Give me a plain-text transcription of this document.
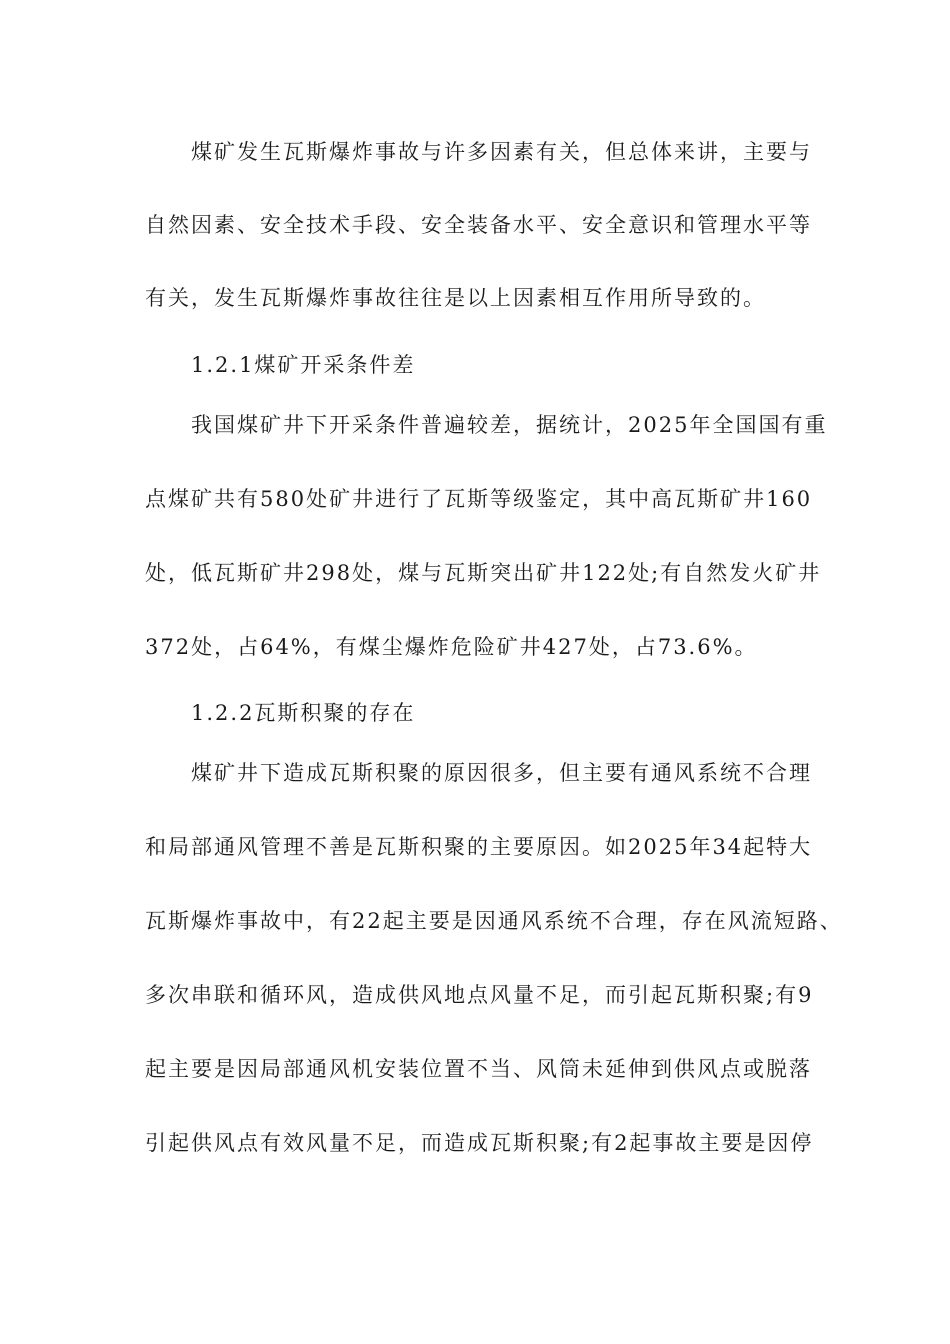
煤矿发生瓦斯爆炸事故与许多因素有关，但总体来讲，主要与
自然因素、安全技术手段、安全装备水平、安全意识和管理水平等
有关，发生瓦斯爆炸事故往往是以上因素相互作用所导致的。
1.2.1煤矿开采条件差
我国煤矿井下开采条件普遍较差，据统计，2025年全国国有重
点煤矿共有580处矿井进行了瓦斯等级鉴定，其中高瓦斯矿井160
处，低瓦斯矿井298处，煤与瓦斯突出矿井122处;有自然发火矿井
372处，占64%，有煤尘爆炸危险矿井427处，占73.6%。
1.2.2瓦斯积聚的存在
煤矿井下造成瓦斯积聚的原因很多，但主要有通风系统不合理
和局部通风管理不善是瓦斯积聚的主要原因。如2025年34起特大
瓦斯爆炸事故中，有22起主要是因通风系统不合理，存在风流短路、
多次串联和循环风，造成供风地点风量不足，而引起瓦斯积聚;有9
起主要是因局部通风机安装位置不当、风筒未延伸到供风点或脱落
引起供风点有效风量不足，而造成瓦斯积聚;有2起事故主要是因停
